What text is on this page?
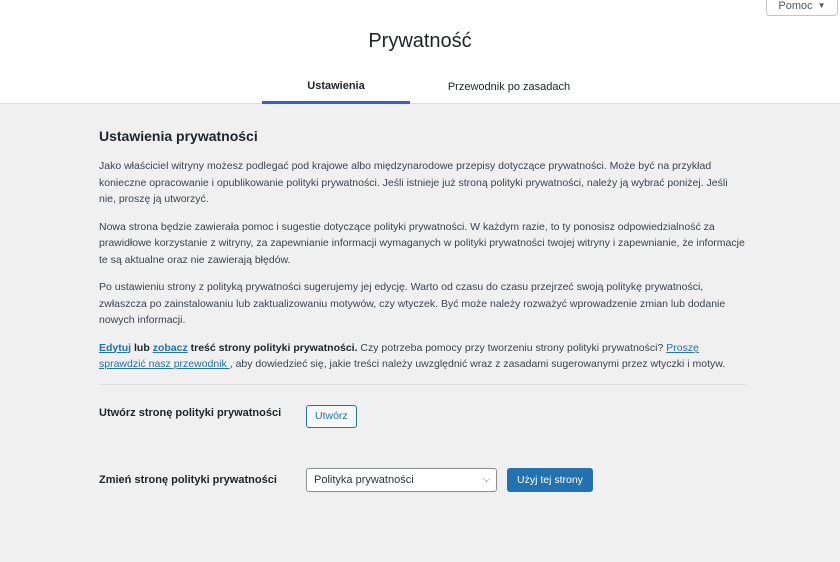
Pomoc ▼
Prywatność
Ustawienia	Przewodnik po zasadach
Ustawienia prywatności

Jako właściciel witryny możesz podlegać pod krajowe albo międzynarodowe przepisy dotyczące prywatności. Może być na przykład konieczne opracowanie i opublikowanie polityki prywatności. Jeśli istnieje już stroną polityki prywatności, należy ją wybrać poniżej. Jeśli nie, proszę ją utworzyć.

Nowa strona będzie zawierała pomoc i sugestie dotyczące polityki prywatności. W każdym razie, to ty ponosisz odpowiedzialność za prawidłowe korzystanie z witryny, za zapewnianie informacji wymaganych w polityki prywatności twojej witryny i zapewnianie, że informacje te są aktualne oraz nie zawierają błędów.

Po ustawieniu strony z polityką prywatności sugerujemy jej edycję. Warto od czasu do czasu przejrzeć swoją politykę prywatności, zwłaszcza po zainstalowaniu lub zaktualizowaniu motywów, czy wtyczek. Być może należy rozważyć wprowadzenie zmian lub dodanie nowych informacji.

Edytuj lub zobacz treść strony polityki prywatności. Czy potrzeba pomocy przy tworzeniu strony polityki prywatności? Proszę sprawdzić nasz przewodnik , aby dowiedzieć się, jakie treści należy uwzględnić wraz z zasadami sugerowanymi przez wtyczki i motyw.

Utwórz stronę polityki prywatności	Utwórz
Zmień stronę polityki prywatności	Polityka prywatności	⌵	Użyj tej strony
